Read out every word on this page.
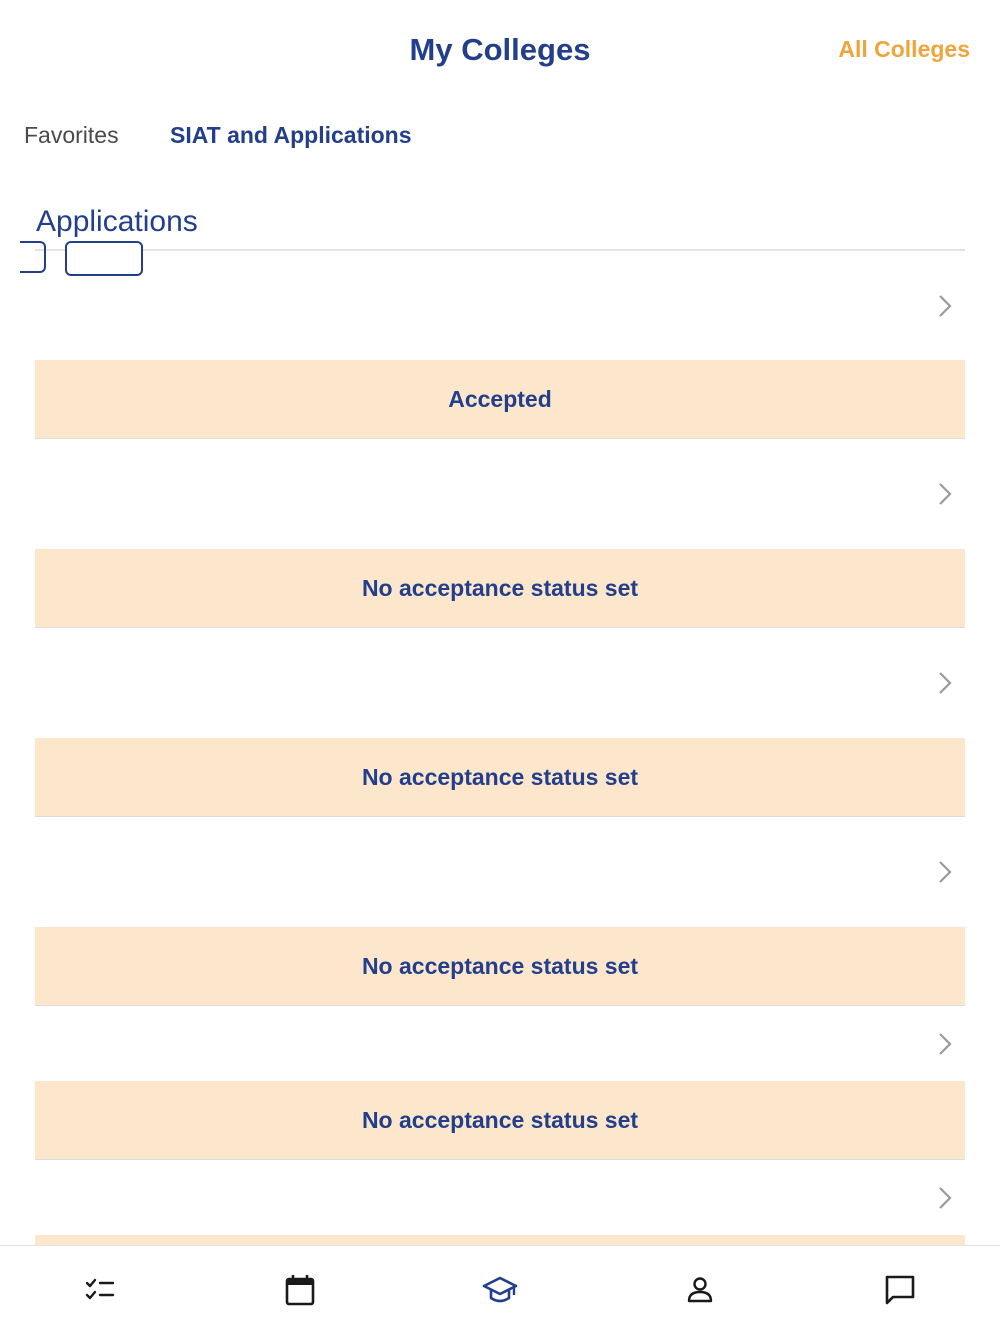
My Colleges	All Colleges
Favorites SIAT and Applications
Applications
Accepted
No acceptance status set
No acceptance status set
No acceptance status set
No acceptance status set
